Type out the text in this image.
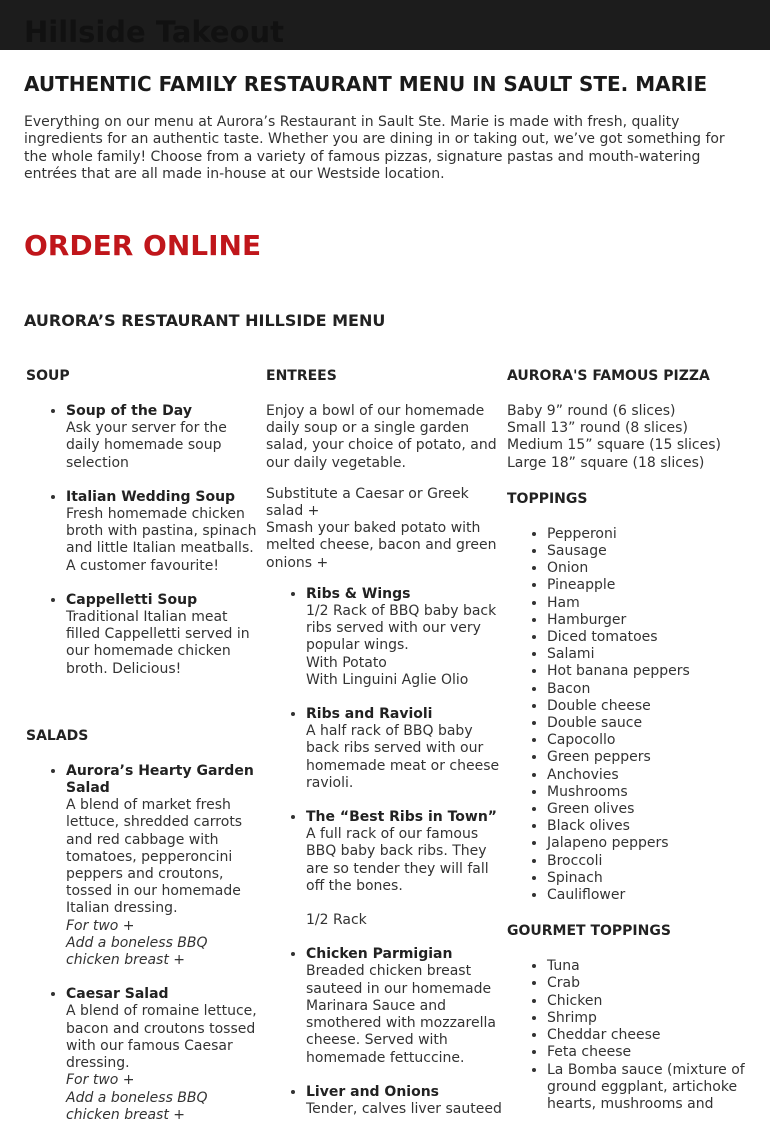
Hillside Takeout
AUTHENTIC FAMILY RESTAURANT MENU IN SAULT STE. MARIE

Everything on our menu at Aurora’s Restaurant in Sault Ste. Marie is made with fresh, quality ingredients for an authentic taste. Whether you are dining in or taking out, we’ve got something for the whole family! Choose from a variety of famous pizzas, signature pastas and mouth-watering entrées that are all made in-house at our Westside location.

ORDER ONLINE
AURORA’S RESTAURANT HILLSIDE MENU
SOUP
• Soup of the Day
Ask your server for the daily homemade soup selection
• Italian Wedding Soup
Fresh homemade chicken broth with pastina, spinach and little Italian meatballs. A customer favourite!
• Cappelletti Soup
Traditional Italian meat filled Cappelletti served in our homemade chicken broth. Delicious!
SALADS
• Aurora’s Hearty Garden Salad
A blend of market fresh lettuce, shredded carrots and red cabbage with tomatoes, pepperoncini peppers and croutons, tossed in our homemade Italian dressing.
For two +
Add a boneless BBQ chicken breast +
• Caesar Salad
A blend of romaine lettuce, bacon and croutons tossed with our famous Caesar dressing.
For two +
Add a boneless BBQ chicken breast +
ENTREES

Enjoy a bowl of our homemade daily soup or a single garden salad, your choice of potato, and our daily vegetable.

Substitute a Caesar or Greek salad +

Smash your baked potato with melted cheese, bacon and green onions +

• Ribs & Wings
1/2 Rack of BBQ baby back ribs served with our very popular wings.
With Potato
With Linguini Aglie Olio
• Ribs and Ravioli
A half rack of BBQ baby back ribs served with our homemade meat or cheese ravioli.
• The “Best Ribs in Town”
A full rack of our famous BBQ baby back ribs. They are so tender they will fall off the bones.
1/2 Rack
• Chicken Parmigian
Breaded chicken breast sauteed in our homemade Marinara Sauce and smothered with mozzarella cheese. Served with homemade fettuccine.
• Liver and Onions
Tender, calves liver sauteed
AURORA'S FAMOUS PIZZA
Baby 9” round (6 slices)
Small 13” round (8 slices)
Medium 15” square (15 slices)
Large 18” square (18 slices)
TOPPINGS
• Pepperoni
• Sausage
• Onion
• Pineapple
• Ham
• Hamburger
• Diced tomatoes
• Salami
• Hot banana peppers
• Bacon
• Double cheese
• Double sauce
• Capocollo
• Green peppers
• Anchovies
• Mushrooms
• Green olives
• Black olives
• Jalapeno peppers
• Broccoli
• Spinach
• Cauliflower
GOURMET TOPPINGS
• Tuna
• Crab
• Chicken
• Shrimp
• Cheddar cheese
• Feta cheese
• La Bomba sauce (mixture of ground eggplant, artichoke hearts, mushrooms and
